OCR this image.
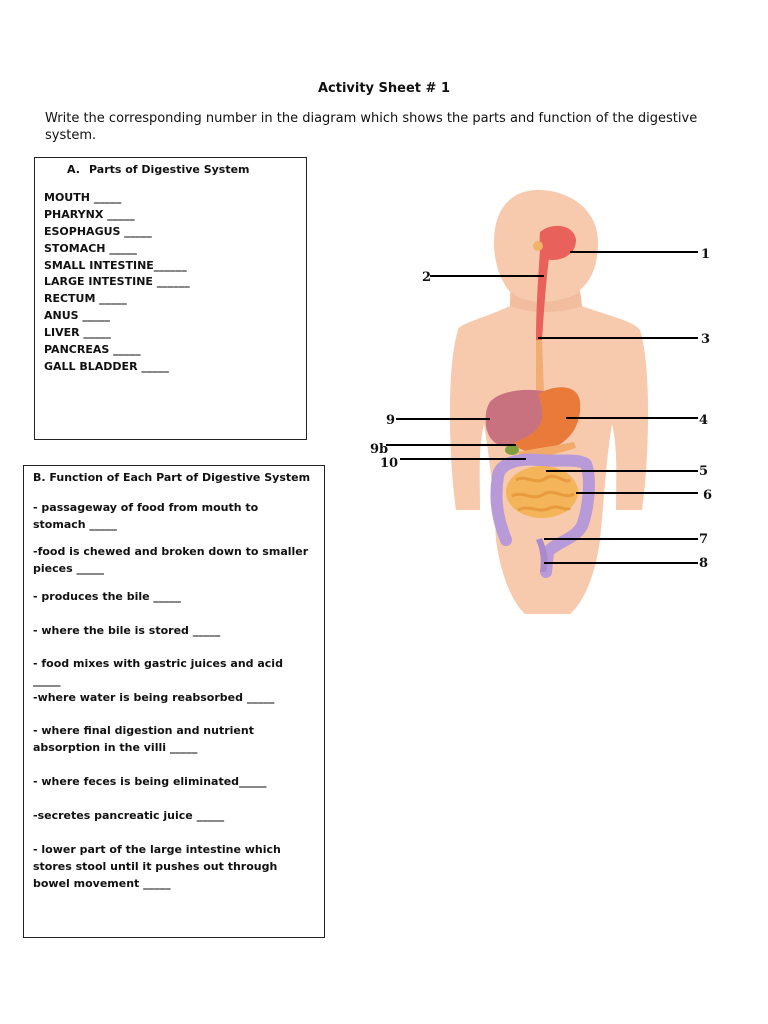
Activity Sheet # 1
Write the corresponding number in the diagram which shows the parts and function of the digestive system.
A. Parts of Digestive System
MOUTH _____
PHARYNX _____
ESOPHAGUS _____
STOMACH _____
SMALL INTESTINE______
LARGE INTESTINE ______
RECTUM _____
ANUS _____
LIVER _____
PANCREAS _____
GALL BLADDER _____
B. Function of Each Part of Digestive System
- passageway of food from mouth to stomach _____
-food is chewed and broken down to smaller pieces _____
- produces the bile _____
- where the bile is stored _____
- food mixes with gastric juices and acid _____
-where water is being reabsorbed _____
- where final digestion and nutrient absorption in the villi _____
- where feces is being eliminated_____
-secretes pancreatic juice _____
- lower part of the large intestine which stores stool until it pushes out through bowel movement _____
1
2
3
4
5
6
7
8
9
9b
10
